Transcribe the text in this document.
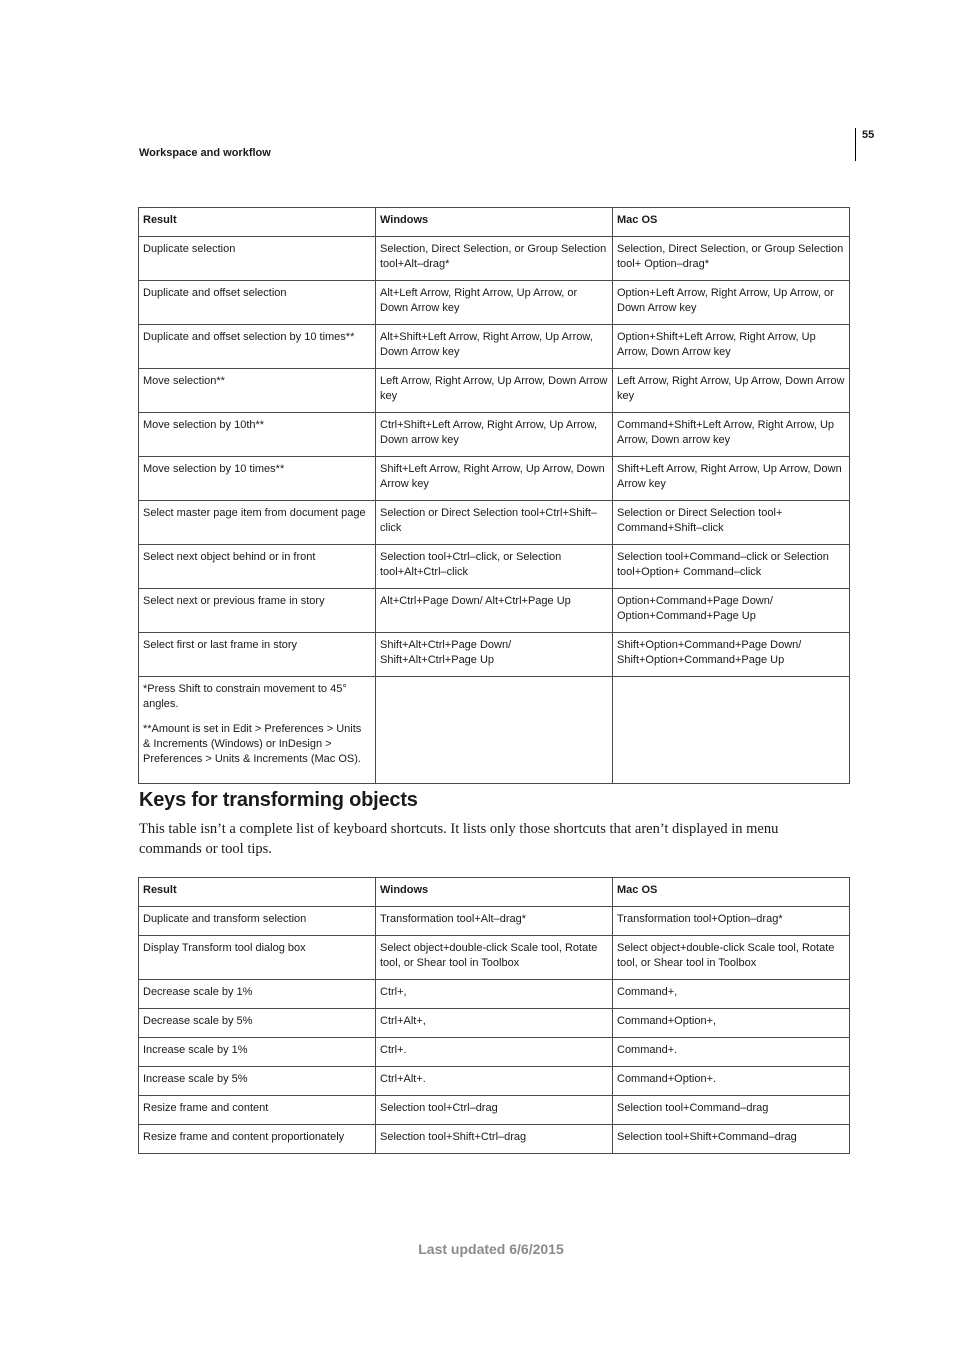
55
Workspace and workflow
Result	Windows	Mac OS
Duplicate selection	Selection, Direct Selection, or Group Selection tool+Alt–drag*	Selection, Direct Selection, or Group Selection tool+ Option–drag*
Duplicate and offset selection	Alt+Left Arrow, Right Arrow, Up Arrow, or Down Arrow key	Option+Left Arrow, Right Arrow, Up Arrow, or Down Arrow key
Duplicate and offset selection by 10 times**	Alt+Shift+Left Arrow, Right Arrow, Up Arrow, Down Arrow key	Option+Shift+Left Arrow, Right Arrow, Up Arrow, Down Arrow key
Move selection**	Left Arrow, Right Arrow, Up Arrow, Down Arrow key	Left Arrow, Right Arrow, Up Arrow, Down Arrow key
Move selection by 10th**	Ctrl+Shift+Left Arrow, Right Arrow, Up Arrow, Down arrow key	Command+Shift+Left Arrow, Right Arrow, Up Arrow, Down arrow key
Move selection by 10 times**	Shift+Left Arrow, Right Arrow, Up Arrow, Down Arrow key	Shift+Left Arrow, Right Arrow, Up Arrow, Down Arrow key
Select master page item from document page	Selection or Direct Selection tool+Ctrl+Shift–click	Selection or Direct Selection tool+ Command+Shift–click
Select next object behind or in front	Selection tool+Ctrl–click, or Selection tool+Alt+Ctrl–click	Selection tool+Command–click or Selection tool+Option+ Command–click
Select next or previous frame in story	Alt+Ctrl+Page Down/ Alt+Ctrl+Page Up	Option+Command+Page Down/ Option+Command+Page Up
Select first or last frame in story	Shift+Alt+Ctrl+Page Down/ Shift+Alt+Ctrl+Page Up	Shift+Option+Command+Page Down/ Shift+Option+Command+Page Up

*Press Shift to constrain movement to 45° angles.

**Amount is set in Edit > Preferences > Units & Increments (Windows) or InDesign > Preferences > Units & Increments (Mac OS).		

Keys for transforming objects

This table isn’t a complete list of keyboard shortcuts. It lists only those shortcuts that aren’t displayed in menu commands or tool tips.

Result	Windows	Mac OS
Duplicate and transform selection	Transformation tool+Alt–drag*	Transformation tool+Option–drag*
Display Transform tool dialog box	Select object+double-click Scale tool, Rotate tool, or Shear tool in Toolbox	Select object+double-click Scale tool, Rotate tool, or Shear tool in Toolbox
Decrease scale by 1%	Ctrl+,	Command+,
Decrease scale by 5%	Ctrl+Alt+,	Command+Option+,
Increase scale by 1%	Ctrl+.	Command+.
Increase scale by 5%	Ctrl+Alt+.	Command+Option+.
Resize frame and content	Selection tool+Ctrl–drag	Selection tool+Command–drag
Resize frame and content proportionately	Selection tool+Shift+Ctrl–drag	Selection tool+Shift+Command–drag
Last updated 6/6/2015
